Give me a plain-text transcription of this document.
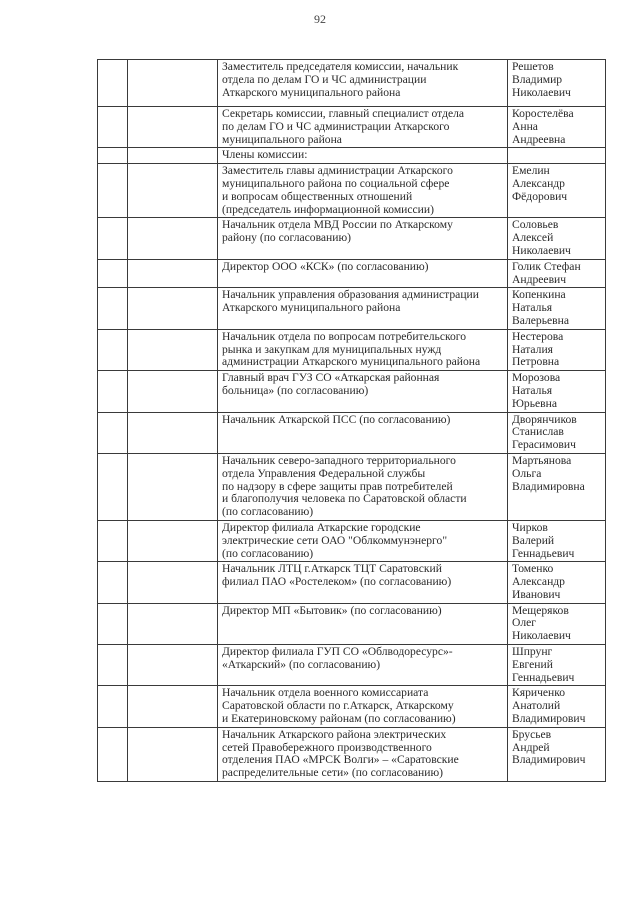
92

		Заместитель председателя комиссии, начальник
отдела по делам ГО и ЧС администрации
Аткарского муниципального района	Решетов
Владимир
Николаевич

		Секретарь комиссии, главный специалист отдела
по делам ГО и ЧС администрации Аткарского
муниципального района	Коростелёва
Анна
Андреевна

		Члены комиссии:	

		Заместитель главы администрации Аткарского
муниципального района по социальной сфере
и вопросам общественных отношений
(председатель информационной комиссии)	Емелин
Александр
Фёдорович

		Начальник отдела МВД России по Аткарскому
району (по согласованию)	Соловьев
Алексей
Николаевич

		Директор ООО «КСК» (по согласованию)	Голик Стефан
Андреевич

		Начальник управления образования администрации
Аткарского муниципального района	Копенкина
Наталья
Валерьевна

		Начальник отдела по вопросам потребительского
рынка и закупкам для муниципальных нужд
администрации Аткарского муниципального района	Нестерова
Наталия
Петровна

		Главный врач ГУЗ СО «Аткарская районная
больница» (по согласованию)	Морозова
Наталья
Юрьевна

		Начальник Аткарской ПСС (по согласованию)	Дворянчиков
Станислав
Герасимович

		Начальник северо-западного территориального
отдела Управления Федеральной службы
по надзору в сфере защиты прав потребителей
и благополучия человека по Саратовской области
(по согласованию)	Мартьянова
Ольга
Владимировна

		Директор филиала Аткарские городские
электрические сети ОАО "Облкоммунэнерго"
(по согласованию)	Чирков
Валерий
Геннадьевич

		Начальник ЛТЦ г.Аткарск ТЦТ Саратовский
филиал ПАО «Ростелеком» (по согласованию)	Томенко
Александр
Иванович

		Директор МП «Бытовик» (по согласованию)	Мещеряков
Олег
Николаевич

		Директор филиала ГУП СО «Облводоресурс»-
«Аткарский» (по согласованию)	Шпрунг
Евгений
Геннадьевич

		Начальник отдела военного комиссариата
Саратовской области по г.Аткарск, Аткарскому
и Екатериновскому районам (по согласованию)	Кяриченко
Анатолий
Владимирович

		Начальник Аткарского района электрических
сетей Правобережного производственного
отделения ПАО «МРСК Волги» – «Саратовские
распределительные сети» (по согласованию)	Брусьев
Андрей
Владимирович
